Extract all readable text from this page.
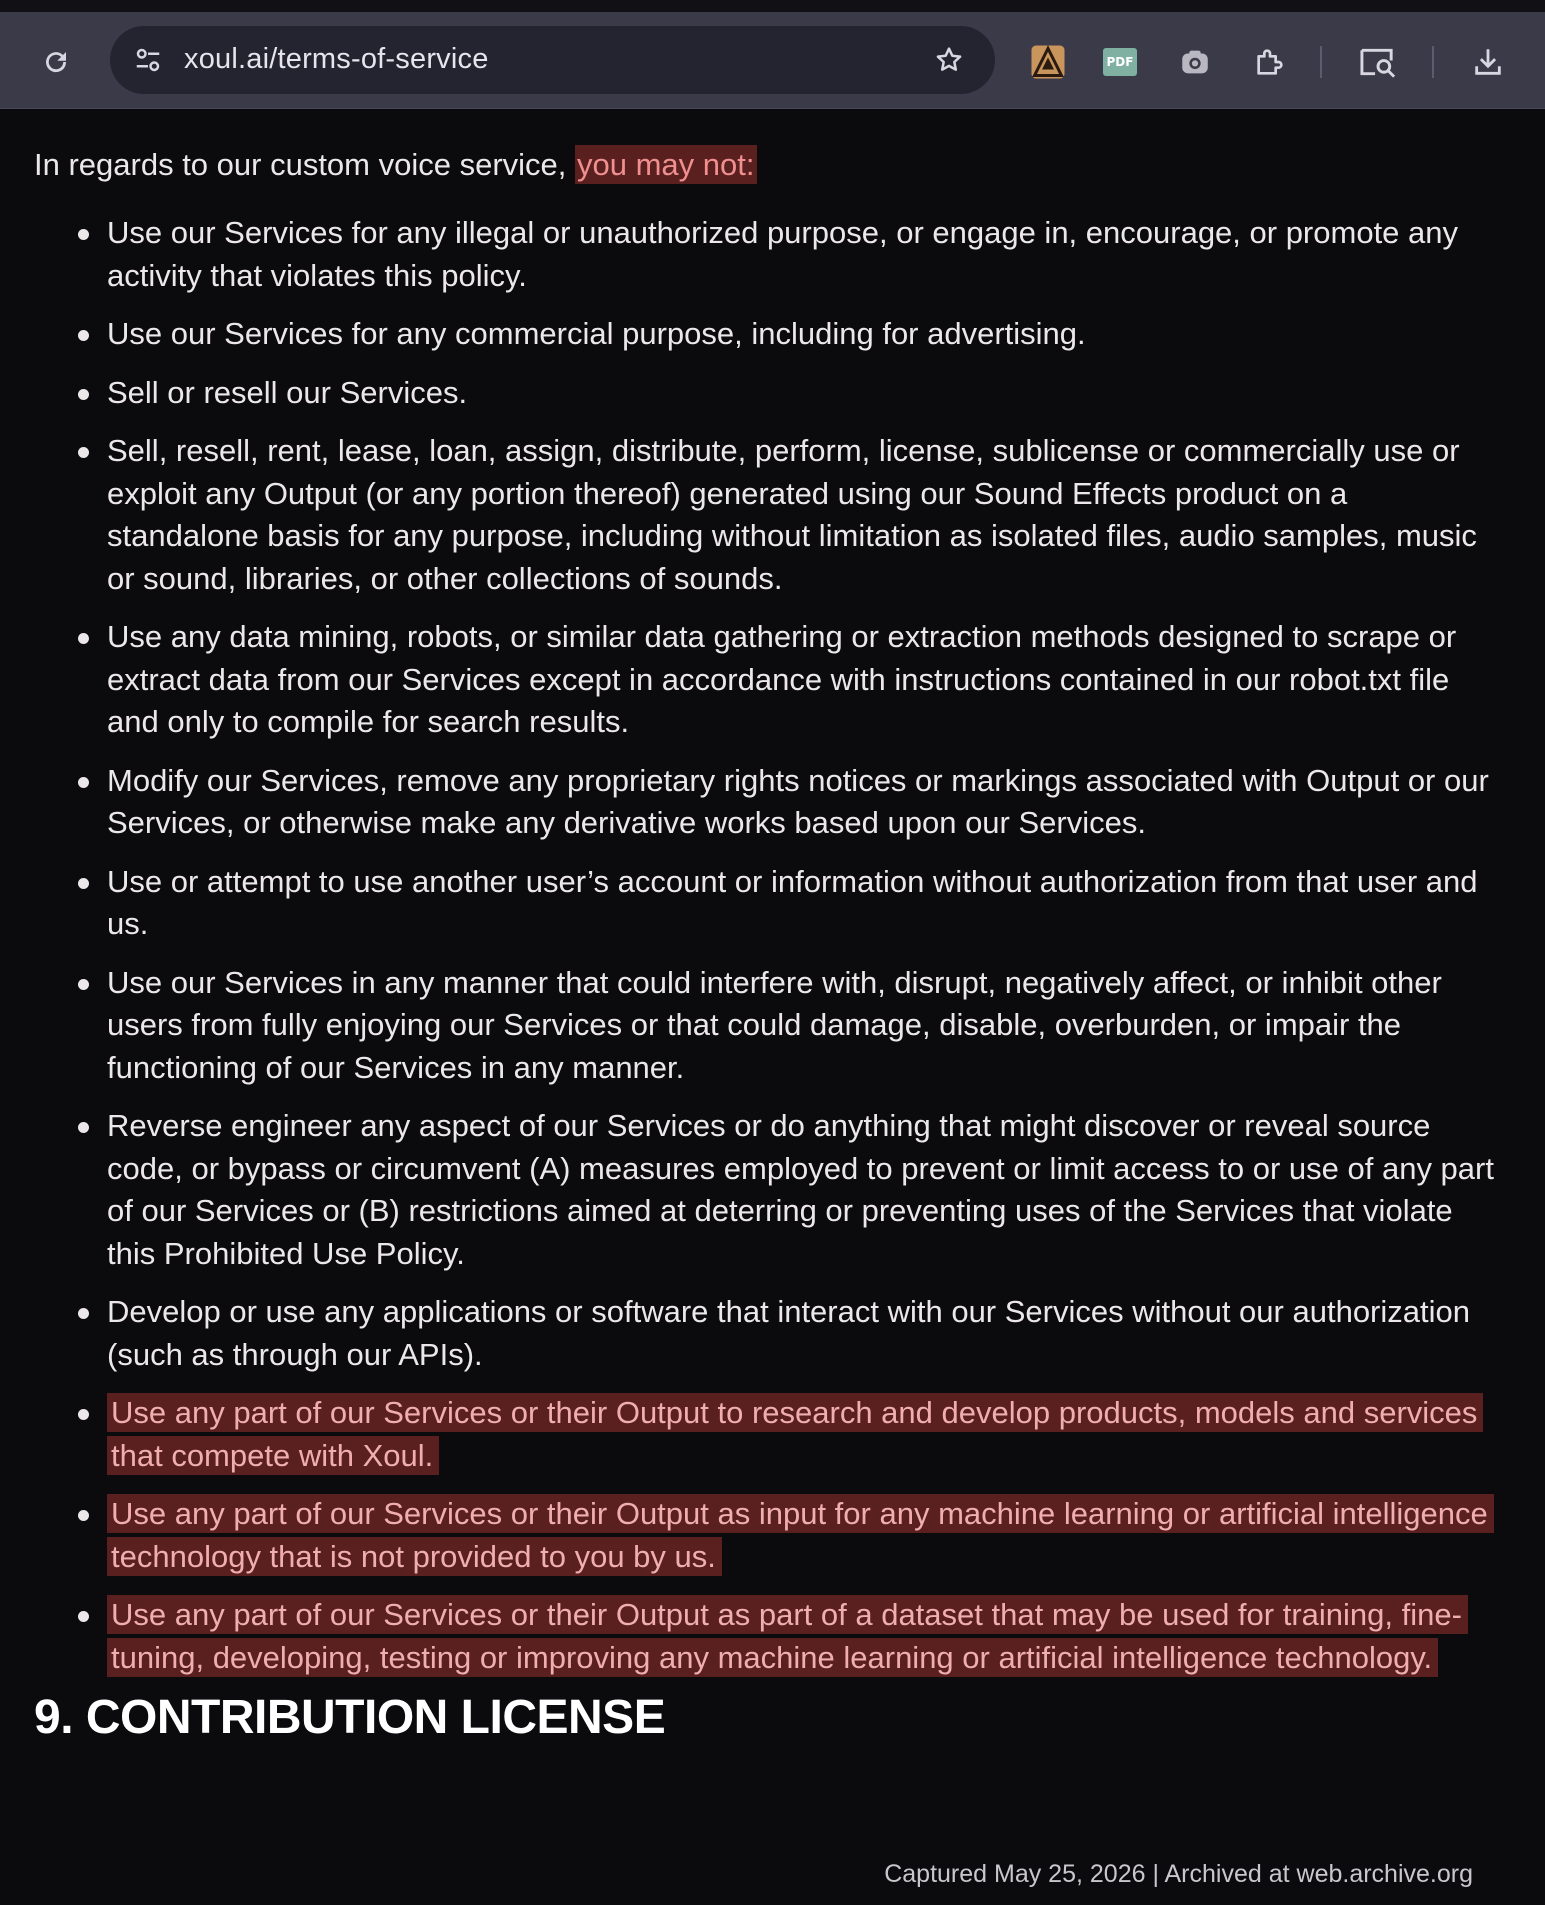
xoul.ai/terms-of-service	PDF
In regards to our custom voice service, you may not:
Use our Services for any illegal or unauthorized purpose, or engage in, encourage, or promote any activity that violates this policy.
Use our Services for any commercial purpose, including for advertising.
Sell or resell our Services.
Sell, resell, rent, lease, loan, assign, distribute, perform, license, sublicense or commercially use or exploit any Output (or any portion thereof) generated using our Sound Effects product on a standalone basis for any purpose, including without limitation as isolated files, audio samples, music or sound, libraries, or other collections of sounds.
Use any data mining, robots, or similar data gathering or extraction methods designed to scrape or extract data from our Services except in accordance with instructions contained in our robot.txt file and only to compile for search results.
Modify our Services, remove any proprietary rights notices or markings associated with Output or our Services, or otherwise make any derivative works based upon our Services.
Use or attempt to use another user’s account or information without authorization from that user and us.
Use our Services in any manner that could interfere with, disrupt, negatively affect, or inhibit other users from fully enjoying our Services or that could damage, disable, overburden, or impair the functioning of our Services in any manner.
Reverse engineer any aspect of our Services or do anything that might discover or reveal source code, or bypass or circumvent (A) measures employed to prevent or limit access to or use of any part of our Services or (B) restrictions aimed at deterring or preventing uses of the Services that violate this Prohibited Use Policy.
Develop or use any applications or software that interact with our Services without our authorization (such as through our APIs).
Use any part of our Services or their Output to research and develop products, models and services that compete with Xoul.
Use any part of our Services or their Output as input for any machine learning or artificial intelligence technology that is not provided to you by us.
Use any part of our Services or their Output as part of a dataset that may be used for training, fine-tuning, developing, testing or improving any machine learning or artificial intelligence technology.
9. CONTRIBUTION LICENSE
Captured May 25, 2026 | Archived at web.archive.org
